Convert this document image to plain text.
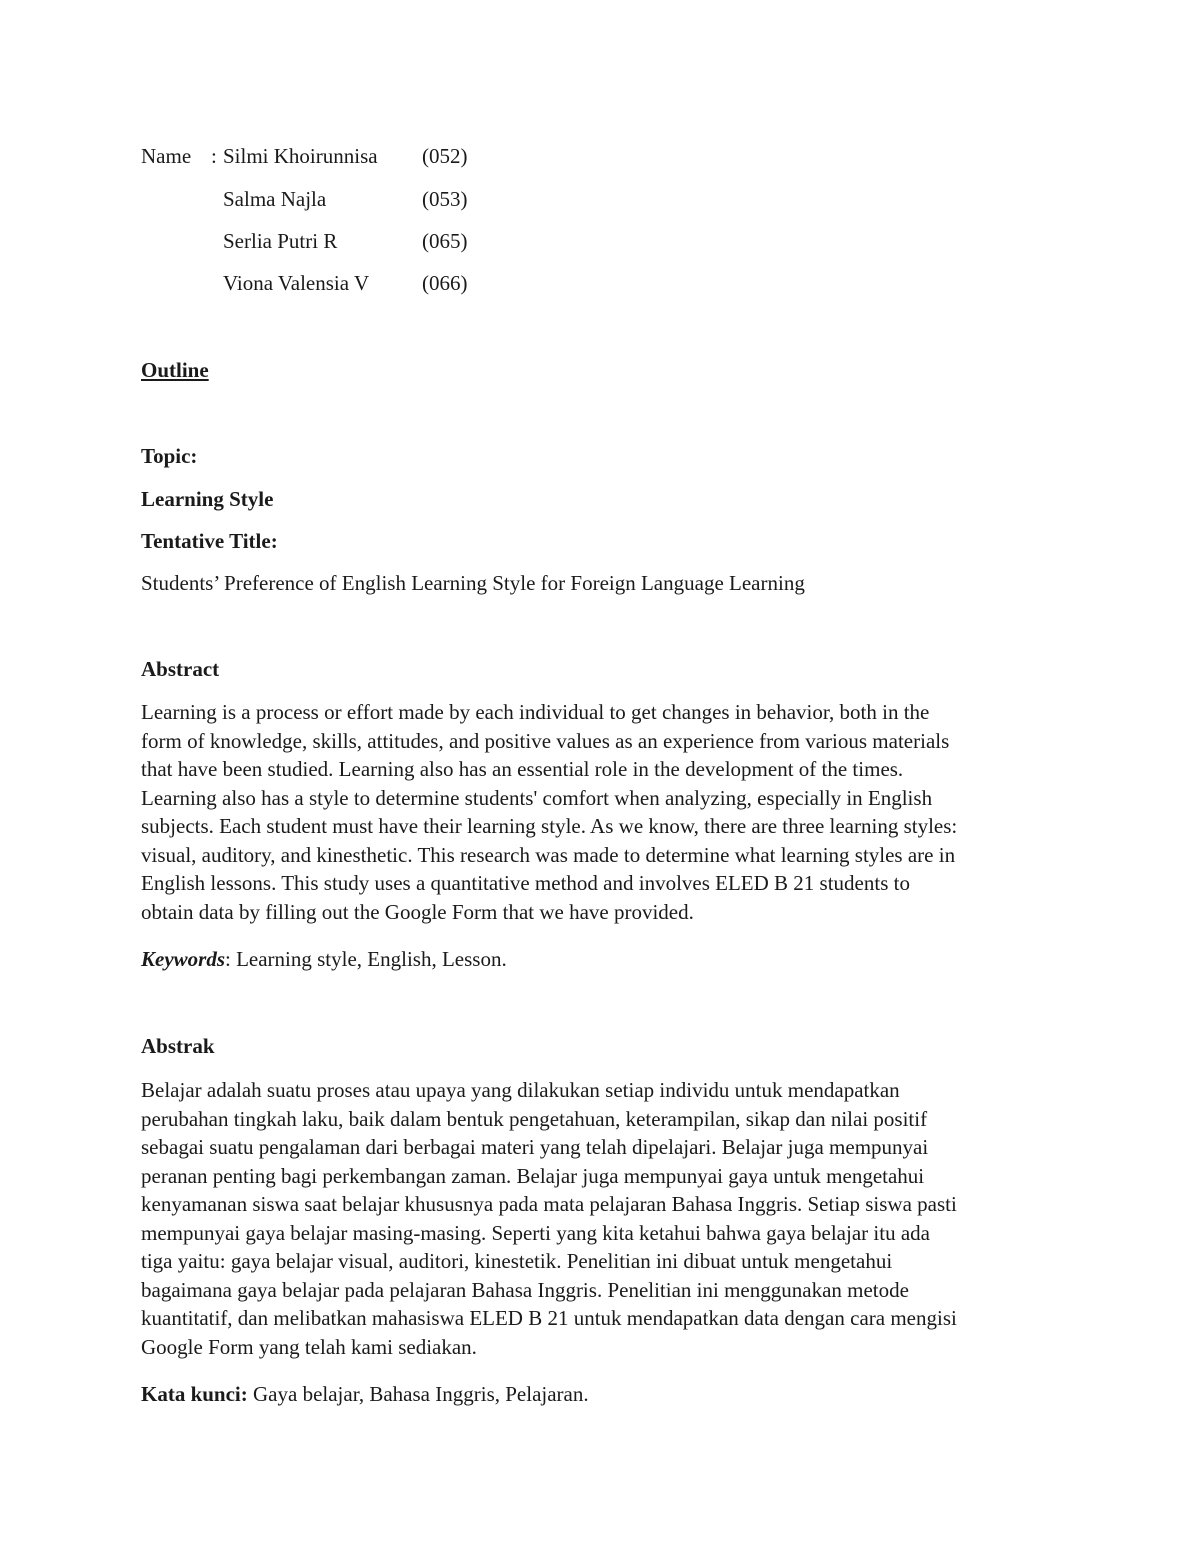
Name : Silmi Khoirunnisa (052)
Salma Najla	(053)
Serlia Putri R	(065)
Viona Valensia V	(066)
Outline
Topic:
Learning Style
Tentative Title:
Students’ Preference of English Learning Style for Foreign Language Learning
Abstract
Learning is a process or effort made by each individual to get changes in behavior, both in the
form of knowledge, skills, attitudes, and positive values as an experience from various materials
that have been studied. Learning also has an essential role in the development of the times.
Learning also has a style to determine students' comfort when analyzing, especially in English
subjects. Each student must have their learning style. As we know, there are three learning styles:
visual, auditory, and kinesthetic. This research was made to determine what learning styles are in
English lessons. This study uses a quantitative method and involves ELED B 21 students to
obtain data by filling out the Google Form that we have provided.
Keywords: Learning style, English, Lesson.
Abstrak
Belajar adalah suatu proses atau upaya yang dilakukan setiap individu untuk mendapatkan
perubahan tingkah laku, baik dalam bentuk pengetahuan, keterampilan, sikap dan nilai positif
sebagai suatu pengalaman dari berbagai materi yang telah dipelajari. Belajar juga mempunyai
peranan penting bagi perkembangan zaman. Belajar juga mempunyai gaya untuk mengetahui
kenyamanan siswa saat belajar khususnya pada mata pelajaran Bahasa Inggris. Setiap siswa pasti
mempunyai gaya belajar masing-masing. Seperti yang kita ketahui bahwa gaya belajar itu ada
tiga yaitu: gaya belajar visual, auditori, kinestetik. Penelitian ini dibuat untuk mengetahui
bagaimana gaya belajar pada pelajaran Bahasa Inggris. Penelitian ini menggunakan metode
kuantitatif, dan melibatkan mahasiswa ELED B 21 untuk mendapatkan data dengan cara mengisi
Google Form yang telah kami sediakan.
Kata kunci: Gaya belajar, Bahasa Inggris, Pelajaran.
